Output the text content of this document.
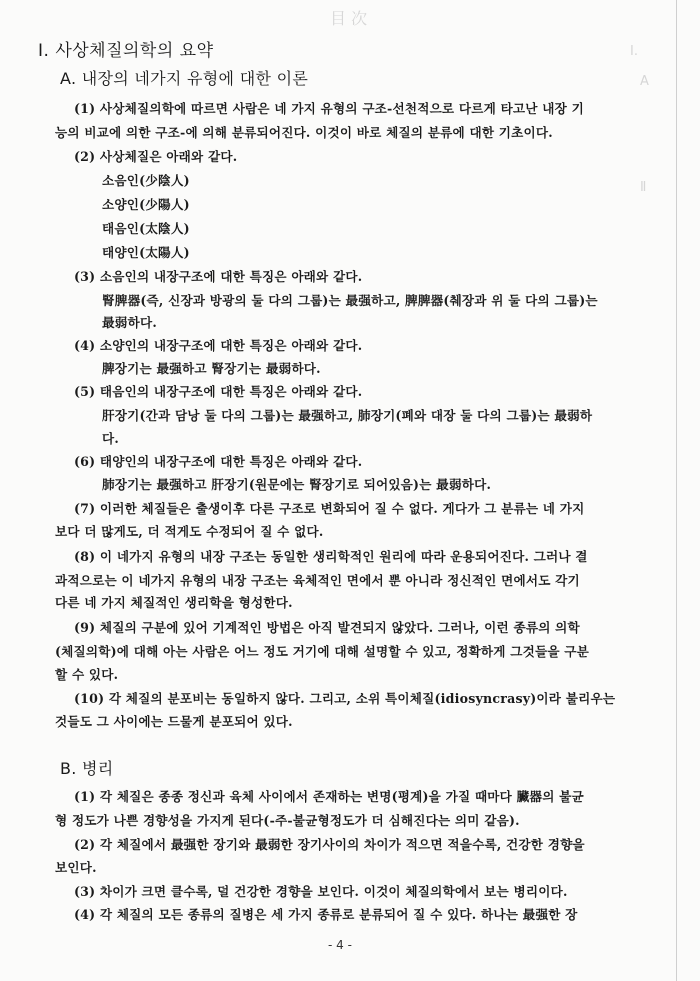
目 次
Ⅰ.
A
Ⅱ
Ⅰ. 사상체질의학의 요약
A. 내장의 네가지 유형에 대한 이론
(1) 사상체질의학에 따르면 사람은 네 가지 유형의 구조-선천적으로 다르게 타고난 내장 기
능의 비교에 의한 구조-에 의해 분류되어진다. 이것이 바로 체질의 분류에 대한 기초이다.
(2) 사상체질은 아래와 같다.
소음인(少陰人)
소양인(少陽人)
태음인(太陰人)
태양인(太陽人)
(3) 소음인의 내장구조에 대한 특징은 아래와 같다.
腎脾器(즉, 신장과 방광의 둘 다의 그룹)는 最强하고, 脾脾器(췌장과 위 둘 다의 그룹)는
最弱하다.
(4) 소양인의 내장구조에 대한 특징은 아래와 같다.
脾장기는 最强하고 腎장기는 最弱하다.
(5) 태음인의 내장구조에 대한 특징은 아래와 같다.
肝장기(간과 담낭 둘 다의 그룹)는 最强하고, 肺장기(폐와 대장 둘 다의 그룹)는 最弱하
다.
(6) 태양인의 내장구조에 대한 특징은 아래와 같다.
肺장기는 最强하고 肝장기(원문에는 腎장기로 되어있음)는 最弱하다.
(7) 이러한 체질들은 출생이후 다른 구조로 변화되어 질 수 없다. 게다가 그 분류는 네 가지
보다 더 많게도, 더 적게도 수정되어 질 수 없다.
(8) 이 네가지 유형의 내장 구조는 동일한 생리학적인 원리에 따라 운용되어진다. 그러나 결
과적으로는 이 네가지 유형의 내장 구조는 육체적인 면에서 뿐 아니라 정신적인 면에서도 각기
다른 네 가지 체질적인 생리학을 형성한다.
(9) 체질의 구분에 있어 기계적인 방법은 아직 발견되지 않았다. 그러나, 이런 종류의 의학
(체질의학)에 대해 아는 사람은 어느 정도 거기에 대해 설명할 수 있고, 정확하게 그것들을 구분
할 수 있다.
(10) 각 체질의 분포비는 동일하지 않다. 그리고, 소위 특이체질(idiosyncrasy)이라 불리우는
것들도 그 사이에는 드물게 분포되어 있다.
B. 병리
(1) 각 체질은 종종 정신과 육체 사이에서 존재하는 변명(평계)을 가질 때마다 臟器의 불균
형 정도가 나쁜 경향성을 가지게 된다(-주-불균형정도가 더 심해진다는 의미 같음).
(2) 각 체질에서 最强한 장기와 最弱한 장기사이의 차이가 적으면 적을수록, 건강한 경향을
보인다.
(3) 차이가 크면 클수록, 덜 건강한 경향을 보인다. 이것이 체질의학에서 보는 병리이다.
(4) 각 체질의 모든 종류의 질병은 세 가지 종류로 분류되어 질 수 있다. 하나는 最强한 장
- 4 -
